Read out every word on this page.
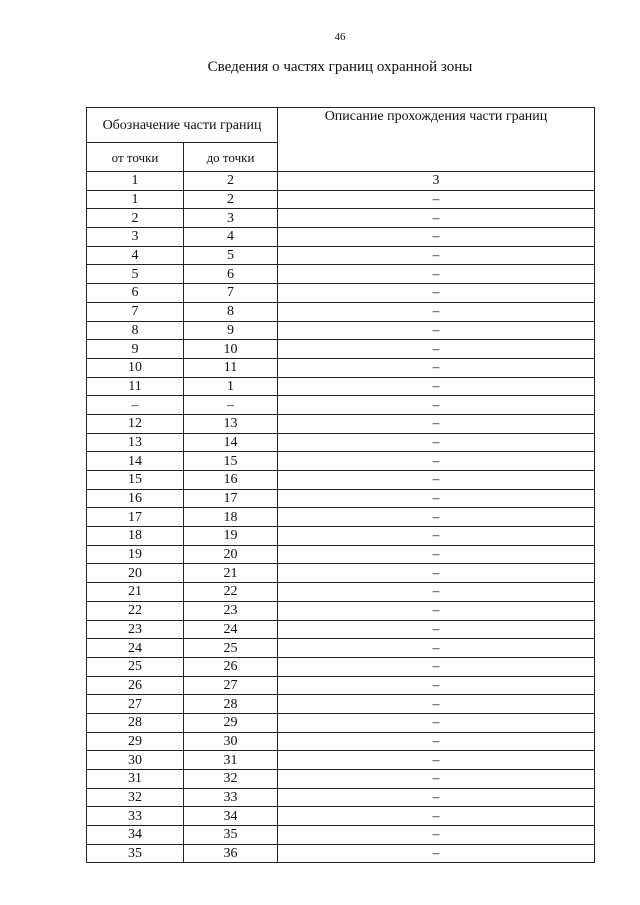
46
Сведения о частях границ охранной зоны
Обозначение части границ		Описание прохождения части границ
от точки	до точки	
1	2	3
1	2	–
2	3	–
3	4	–
4	5	–
5	6	–
6	7	–
7	8	–
8	9	–
9	10	–
10	11	–
11	1	–
–	–	–
12	13	–
13	14	–
14	15	–
15	16	–
16	17	–
17	18	–
18	19	–
19	20	–
20	21	–
21	22	–
22	23	–
23	24	–
24	25	–
25	26	–
26	27	–
27	28	–
28	29	–
29	30	–
30	31	–
31	32	–
32	33	–
33	34	–
34	35	–
35	36	–
